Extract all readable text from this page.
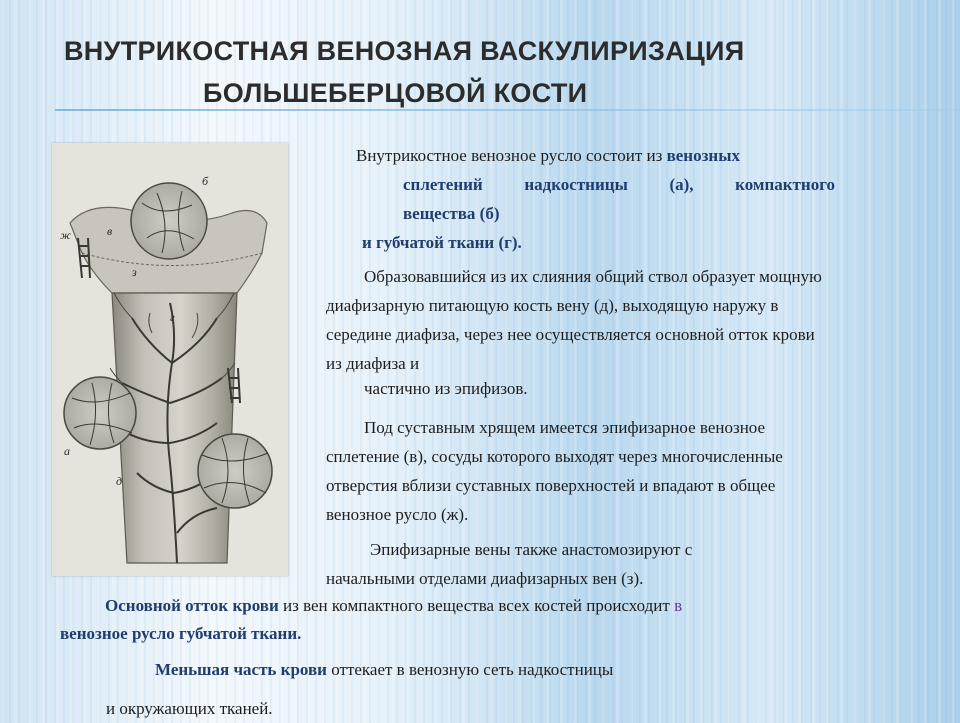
ВНУТРИКОСТНАЯ ВЕНОЗНАЯ ВАСКУЛИРИЗАЦИЯ
БОЛЬШЕБЕРЦОВОЙ КОСТИ
б
ж	в
з
г
а
д
Внутрикостное венозное русло состоит из венозных
сплетений надкостницы (а), компактного
вещества (б)
и губчатой ткани (г).
Образовавшийся из их слияния общий ствол образует мощную
диафизарную питающую кость вену (д), выходящую наружу в
середине диафиза, через нее осуществляется основной отток крови
из диафиза и
частично из эпифизов.
Под суставным хрящем имеется эпифизарное венозное
сплетение (в), сосуды которого выходят через многочисленные
отверстия вблизи суставных поверхностей и впадают в общее
венозное русло (ж).
Эпифизарные вены также анастомозируют с
начальными отделами диафизарных вен (з).
Основной отток крови из вен компактного вещества всех костей происходит в
венозное русло губчатой ткани.
Меньшая часть крови оттекает в венозную сеть надкостницы
и окружающих тканей.
